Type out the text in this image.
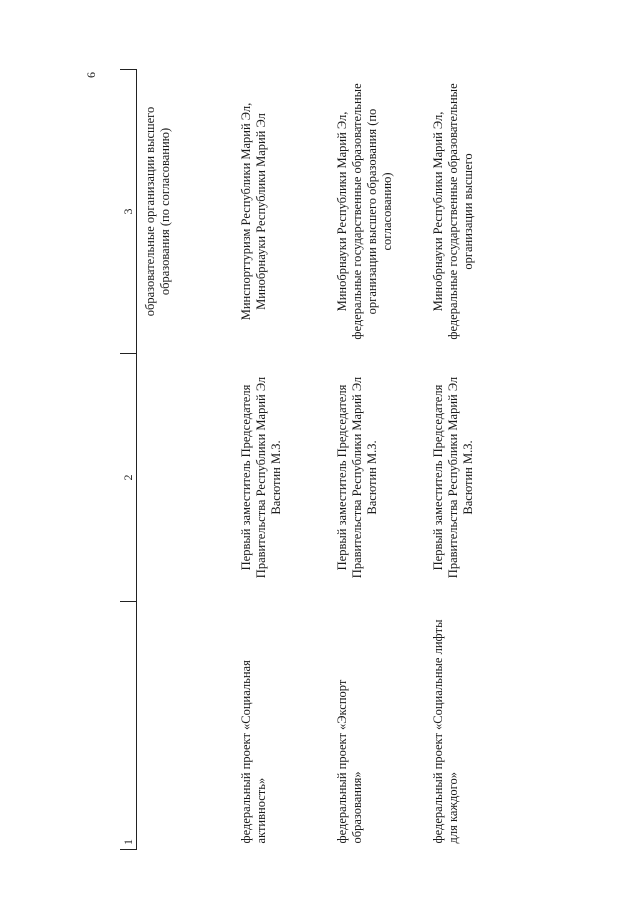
6
1	2	3
		образовательные организации высшего образования (по согласованию)
федеральный проект «Социальная активность»	Первый заместитель Председателя Правительства Республики Марий Эл Васютин М.З.	Минспорттуризм Республики Марий Эл, Минобрнауки Республики Марий Эл
федеральный проект «Экспорт образования»	Первый заместитель Председателя Правительства Республики Марий Эл Васютин М.З.	Минобрнауки Республики Марий Эл, федеральные государственные образовательные организации высшего образования (по согласованию)
федеральный проект «Социальные лифты для каждого»	Первый заместитель Председателя Правительства Республики Марий Эл Васютин М.З.	Минобрнауки Республики Марий Эл, федеральные государственные образовательные организации высшего
